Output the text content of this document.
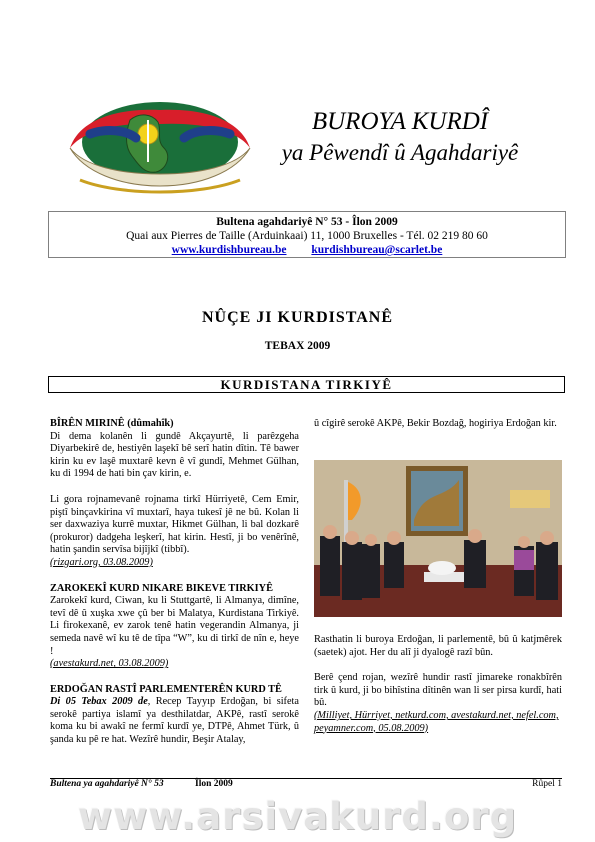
BUROYA KURDÎ
ya Pêwendî û Agahdariyê
Bultena agahdariyê N° 53 - Îlon 2009
Quai aux Pierres de Taille (Arduinkaai) 11, 1000 Bruxelles - Tél. 02 219 80 60
www.kurdishbureau.be kurdishbureau@scarlet.be
NÛÇE JI KURDISTANÊ
TEBAX 2009
KURDISTANA TIRKIYÊ
BÎRÊN MIRINÊ (dûmahîk)

Di dema kolanên li gundê Akçayurtê, li parêzgeha Diyarbekirê de, hestiyên laşekî bê serî hatin dîtin. Tê bawer kirin ku ev laşê muxtarê kevn ê vî gundî, Mehmet Gülhan, ku di 1994 de hati bin çav kirin, e.

Li gora rojnamevanê rojnama tirkî Hürriyetê, Cem Emir, piştî binçavkirina vî muxtarî, haya tukesî jê ne bû. Kolan li ser daxwaziya kurrê muxtar, Hikmet Gülhan, li bal dozkarê (prokuror) dadgeha leşkerî, hat kirin. Hestî, ji bo venêrînê, hatin şandin servîsa bijîjkî (tibbî).

(rizgari.org, 03.08.2009)

ZAROKEKÎ KURD NIKARE BIKEVE TIRKIYÊ

Zarokekî kurd, Ciwan, ku li Stuttgartê, li Almanya, dimîne, tevî dê û xuşka xwe çû ber bi Malatya, Kurdistana Tirkiyê. Li firokexanê, ev zarok tenê hatin vegerandin Almanya, ji semeda navê wî ku tê de tîpa “W”, ku di tirkî de nîn e, heye !

(avestakurd.net, 03.08.2009)

ERDOĞAN RASTÎ PARLEMENTERÊN KURD TÊ

Di 05 Tebax 2009 de, Recep Tayyıp Erdoğan, bi sifeta serokê partiya islamî ya desthilatdar, AKPê, rastî serokê koma ku bi awakî ne fermî kurdî ye, DTPê, Ahmet Türk, û şanda ku pê re hat. Wezîrê hundir, Beşir Atalay,

û cîgirê serokê AKPê, Bekir Bozdağ, hogiriya Erdoğan kir.

Rasthatin li buroya Erdoğan, li parlementê, bû û katjmêrek (saetek) ajot. Her du alî ji dyalogê razî bûn.

Berê çend rojan, wezîrê hundir rastî jimareke ronakbîrên tirk û kurd, ji bo bihîstina dîtinên wan li ser pirsa kurdî, hati bû.

(Milliyet, Hürriyet, netkurd.com, avestakurd.net, nefel.com, peyamner.com, 05.08.2009)

Bultena ya agahdariyê N° 53	Îlon 2009	Rûpel 1
www.arsivakurd.org
